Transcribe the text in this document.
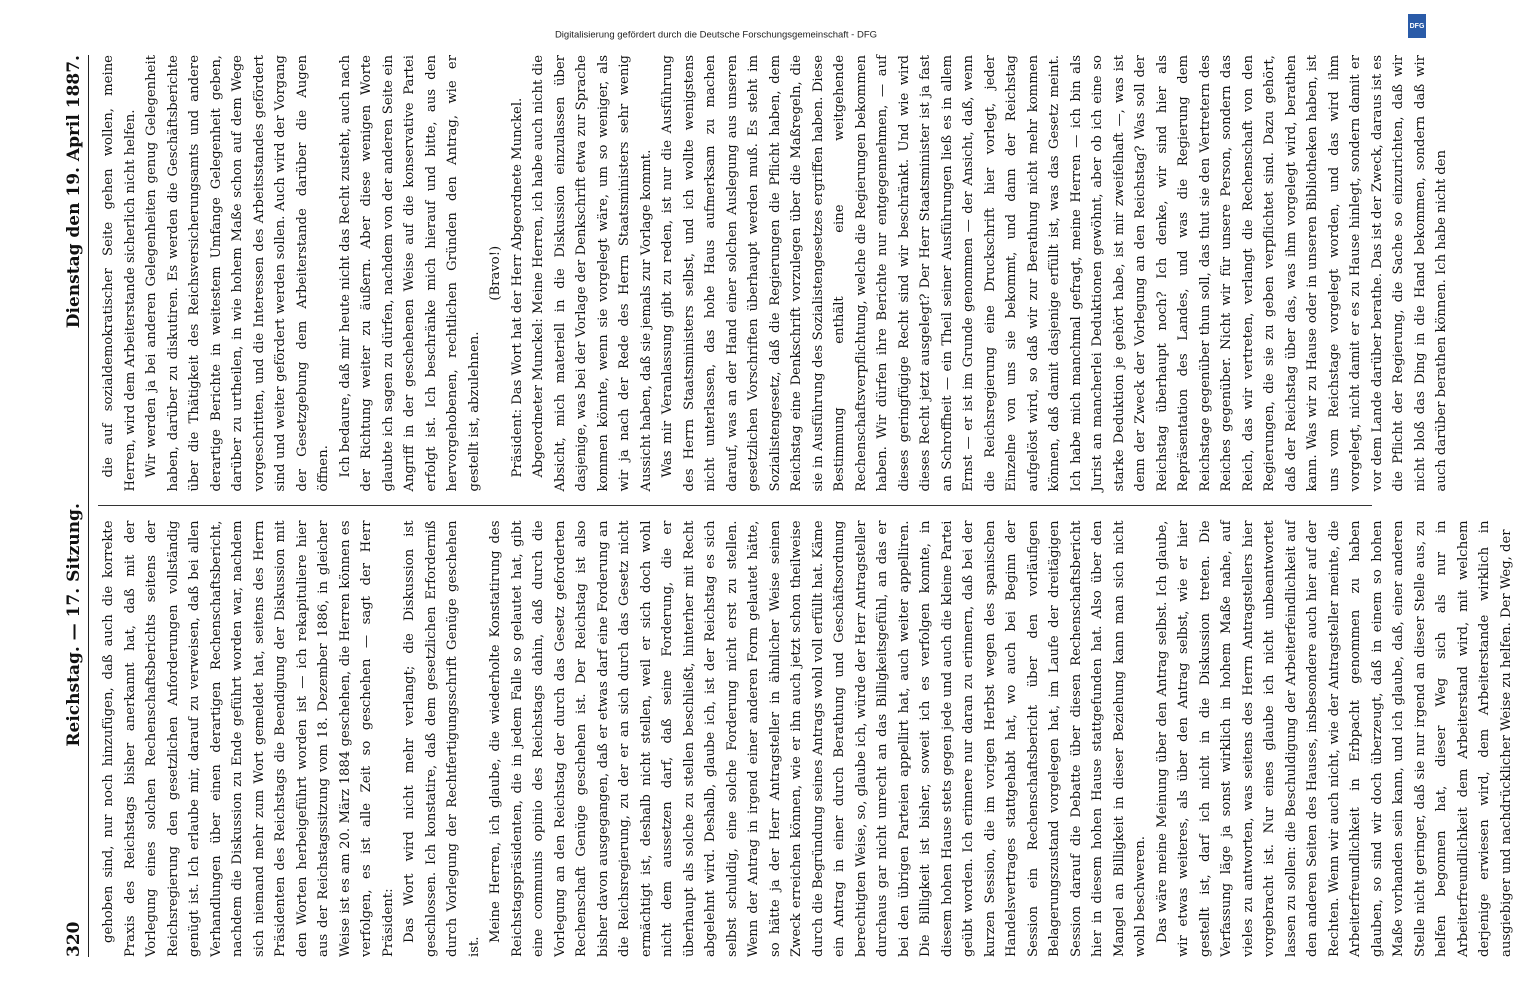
DFG
320
Reichstag. — 17. Sitzung.
Dienstag den 19. April 1887.

gehoben sind, nur noch hinzufügen, daß auch die korrekte Praxis des Reichstags bisher anerkannt hat, daß mit der Vorlegung eines solchen Rechenschaftsberichts seitens der Reichsregierung den gesetzlichen Anforderungen vollständig genügt ist. Ich erlaube mir, darauf zu verweisen, daß bei allen Verhandlungen über einen derartigen Rechenschaftsbericht, nachdem die Diskussion zu Ende geführt worden war, nachdem sich niemand mehr zum Wort gemeldet hat, seitens des Herrn Präsidenten des Reichstags die Beendigung der Diskussion mit den Worten herbeigeführt worden ist — ich rekapituliere hier aus der Reichstagssitzung vom 18. Dezember 1886, in gleicher Weise ist es am 20. März 1884 geschehen, die Herren können es verfolgen, es ist alle Zeit so geschehen — sagt der Herr Präsident: Das Wort wird nicht mehr verlangt; die Diskussion ist geschlossen. Ich konstatire, daß dem gesetzlichen Erforderniß durch Vorlegung der Rechtfertigungsschrift Genüge geschehen ist.

Meine Herren, ich glaube, die wiederholte Konstatirung des Reichstagspräsidenten, die in jedem Falle so gelautet hat, gibt eine communis opinio des Reichstags dahin, daß durch die Vorlegung an den Reichstag der durch das Gesetz geforderten Rechenschaft Genüge geschehen ist. Der Reichstag ist also bisher davon ausgegangen, daß er etwas darf eine Forderung an die Reichsregierung, zu der er an sich durch das Gesetz nicht ermächtigt ist, deshalb nicht stellen, weil er sich doch wohl nicht dem aussetzen darf, daß seine Forderung, die er überhaupt als solche zu stellen beschließt, hinterher mit Recht abgelehnt wird. Deshalb, glaube ich, ist der Reichstag es sich selbst schuldig, eine solche Forderung nicht erst zu stellen. Wenn der Antrag in irgend einer anderen Form gelautet hätte, so hätte ja der Herr Antragsteller in ähnlicher Weise seinen Zweck erreichen können, wie er ihn auch jetzt schon theilweise durch die Begründung seines Antrags wohl voll erfüllt hat. Käme ein Antrag in einer durch Berathung und Geschäftsordnung berechtigten Weise, so, glaube ich, würde der Herr Antragsteller durchaus gar nicht unrecht an das Billigkeitsgefühl, an das er bei den übrigen Parteien appellirt hat, auch weiter appelliren. Die Billigkeit ist bisher, soweit ich es verfolgen konnte, in diesem hohen Hause stets gegen jede und auch die kleine Partei geübt worden. Ich erinnere nur daran zu erinnern, daß bei der kurzen Session, die im vorigen Herbst wegen des spanischen Handelsvertrages stattgehabt hat, wo auch bei Beginn der Session ein Rechenschaftsbericht über den vorläufigen Belagerungszustand vorgelegen hat, im Laufe der dreitägigen Session darauf die Debatte über diesen Rechenschaftsbericht hier in diesem hohen Hause stattgefunden hat. Also über den Mangel an Billigkeit in dieser Beziehung kann man sich nicht wohl beschweren. Das wäre meine Meinung über den Antrag selbst. Ich glaube, wir etwas weiteres, als über den Antrag selbst, wie er hier gestellt ist, darf ich nicht in die Diskussion treten. Die Verfassung läge ja sonst wirklich in hohem Maße nahe, auf vieles zu antworten, was seitens des Herrn Antragstellers hier vorgebracht ist. Nur eines glaube ich nicht unbeantwortet lassen zu sollen: die Beschuldigung der Arbeiterfeindlichkeit auf den anderen Seiten des Hauses, insbesondere auch hier auf der Rechten. Wenn wir auch nicht, wie der Antragsteller meinte, die Arbeiterfreundlichkeit in Erbpacht genommen zu haben glauben, so sind wir doch überzeugt, daß in einem so hohen Maße vorhanden sein kann, und ich glaube, daß, einer anderen Stelle nicht geringer, daß sie nur irgend an dieser Stelle aus, zu helfen begonnen hat, dieser Weg sich als nur in Arbeiterfreundlichkeit dem Arbeiterstand wird, mit welchem derjenige erwiesen wird, dem Arbeiterstande wirklich in ausgiebiger und nachdrücklicher Weise zu helfen. Der Weg, der

die auf sozialdemokratischer Seite gehen wollen, meine Herren, wird dem Arbeiterstande sicherlich nicht helfen. Wir werden ja bei anderen Gelegenheiten genug Gelegenheit haben, darüber zu diskutiren. Es werden die Geschäftsberichte über die Thätigkeit des Reichsversicherungsamts und andere derartige Berichte in weitestem Umfange Gelegenheit geben, darüber zu urtheilen, in wie hohem Maße schon auf dem Wege vorgeschritten, und die Interessen des Arbeitsstandes gefördert sind und weiter gefördert werden sollen. Auch wird der Vorgang der Gesetzgebung dem Arbeiterstande darüber die Augen öffnen. Ich bedaure, daß mir heute nicht das Recht zusteht, auch nach der Richtung weiter zu äußern. Aber diese wenigen Worte glaubte ich sagen zu dürfen, nachdem von der anderen Seite ein Angriff in der geschehenen Weise auf die konservative Partei erfolgt ist. Ich beschränke mich hierauf und bitte, aus den hervorgehobenen, rechtlichen Gründen den Antrag, wie er gestellt ist, abzulehnen.

(Bravo!) Präsident: Das Wort hat der Herr Abgeordnete Munckel. Abgeordneter Munckel: Meine Herren, ich habe auch nicht die Absicht, mich materiell in die Diskussion einzulassen über dasjenige, was bei der Vorlage der Denkschrift etwa zur Sprache kommen könnte, wenn sie vorgelegt wäre, um so weniger, als wir ja nach der Rede des Herrn Staatsministers sehr wenig Aussicht haben, daß sie jemals zur Vorlage kommt. Was mir Veranlassung gibt zu reden, ist nur die Ausführung des Herrn Staatsministers selbst, und ich wollte wenigstens nicht unterlassen, das hohe Haus aufmerksam zu machen darauf, was an der Hand einer solchen Auslegung aus unseren gesetzlichen Vorschriften überhaupt werden muß. Es steht im Sozialistengesetz, daß die Regierungen die Pflicht haben, dem Reichstag eine Denkschrift vorzulegen über die Maßregeln, die sie in Ausführung des Sozialistengesetzes ergriffen haben. Diese Bestimmung enthält eine weitgehende Rechenschaftsverpflichtung, welche die Regierungen bekommen haben. Wir dürfen ihre Berichte nur entgegennehmen, — auf dieses geringfügige Recht sind wir beschränkt. Und wie wird dieses Recht jetzt ausgelegt? Der Herr Staatsminister ist ja fast an Schroffheit — ein Theil seiner Ausführungen ließ es in allem Ernst — er ist im Grunde genommen — der Ansicht, daß, wenn die Reichsregierung eine Druckschrift hier vorlegt, jeder Einzelne von uns sie bekommt, und dann der Reichstag aufgelöst wird, so daß wir zur Berathung nicht mehr kommen können, daß damit dasjenige erfüllt ist, was das Gesetz meint. Ich habe mich manchmal gefragt, meine Herren — ich bin als Jurist an mancherlei Deduktionen gewöhnt, aber ob ich eine so starke Deduktion je gehört habe, ist mir zweifelhaft —, was ist denn der Zweck der Vorlegung an den Reichstag? Was soll der Reichstag überhaupt noch? Ich denke, wir sind hier als Repräsentation des Landes, und was die Regierung dem Reichstage gegenüber thun soll, das thut sie den Vertretern des Reiches gegenüber. Nicht wir für unsere Person, sondern das Reich, das wir vertreten, verlangt die Rechenschaft von den Regierungen, die sie zu geben verpflichtet sind. Dazu gehört, daß der Reichstag über das, was ihm vorgelegt wird, berathen kann. Was wir zu Hause oder in unseren Bibliotheken haben, ist uns vom Reichstage vorgelegt worden, und das wird ihm vorgelegt, nicht damit er es zu Hause hinlegt, sondern damit er vor dem Lande darüber berathe. Das ist der Zweck, daraus ist es die Pflicht der Regierung, die Sache so einzurichten, daß wir nicht bloß das Ding in die Hand bekommen, sondern daß wir auch darüber berathen können. Ich habe nicht den

Digitalisierung gefördert durch die Deutsche Forschungsgemeinschaft - DFG
